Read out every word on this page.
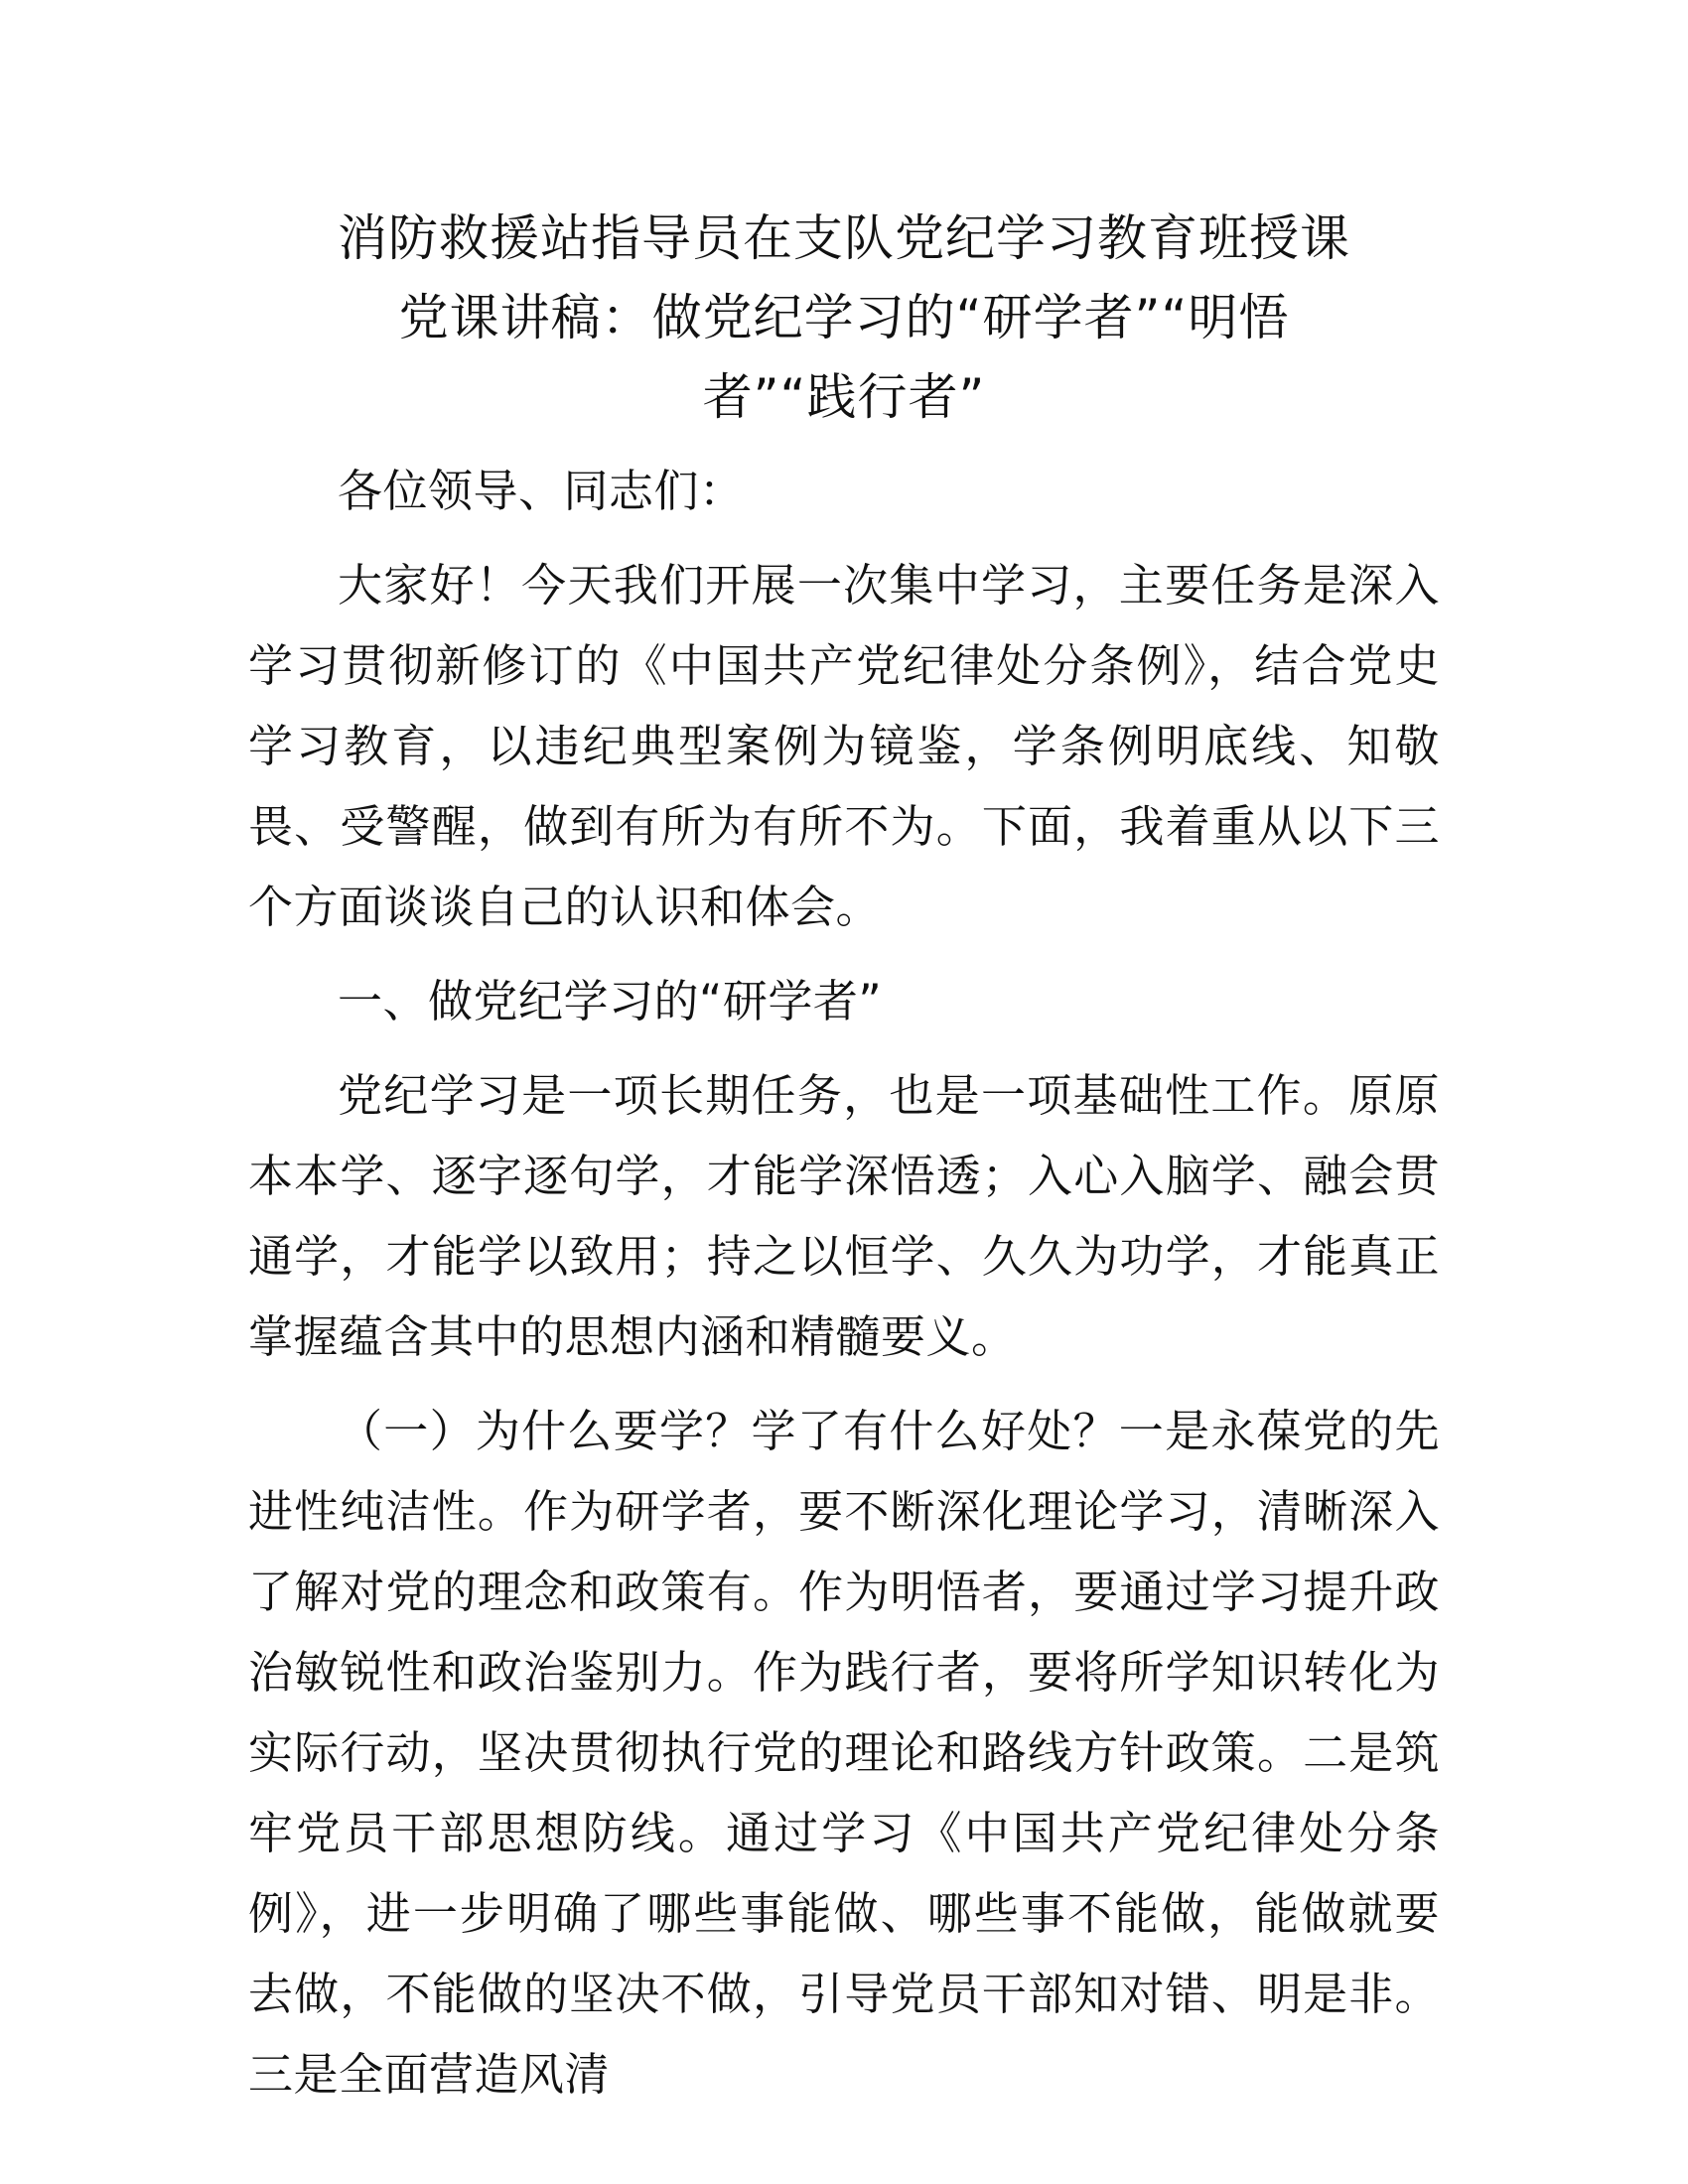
消防救援站指导员在支队党纪学习教育班授课
党课讲稿：做党纪学习的“研学者”“明悟
者”“践行者”

各位领导、同志们：

大家好！今天我们开展一次集中学习，主要任务是深入学习贯彻新修订的《中国共产党纪律处分条例》，结合党史学习教育，以违纪典型案例为镜鉴，学条例明底线、知敬畏、受警醒，做到有所为有所不为。下面，我着重从以下三个方面谈谈自己的认识和体会。

一、做党纪学习的“研学者”

党纪学习是一项长期任务，也是一项基础性工作。原原本本学、逐字逐句学，才能学深悟透；入心入脑学、融会贯通学，才能学以致用；持之以恒学、久久为功学，才能真正掌握蕴含其中的思想内涵和精髓要义。

（一）为什么要学？学了有什么好处？一是永葆党的先进性纯洁性。作为研学者，要不断深化理论学习，清晰深入了解对党的理念和政策有。作为明悟者，要通过学习提升政治敏锐性和政治鉴别力。作为践行者，要将所学知识转化为实际行动，坚决贯彻执行党的理论和路线方针政策。二是筑牢党员干部思想防线。通过学习《中国共产党纪律处分条例》，进一步明确了哪些事能做、哪些事不能做，能做就要去做，不能做的坚决不做，引导党员干部知对错、明是非。三是全面营造风清
